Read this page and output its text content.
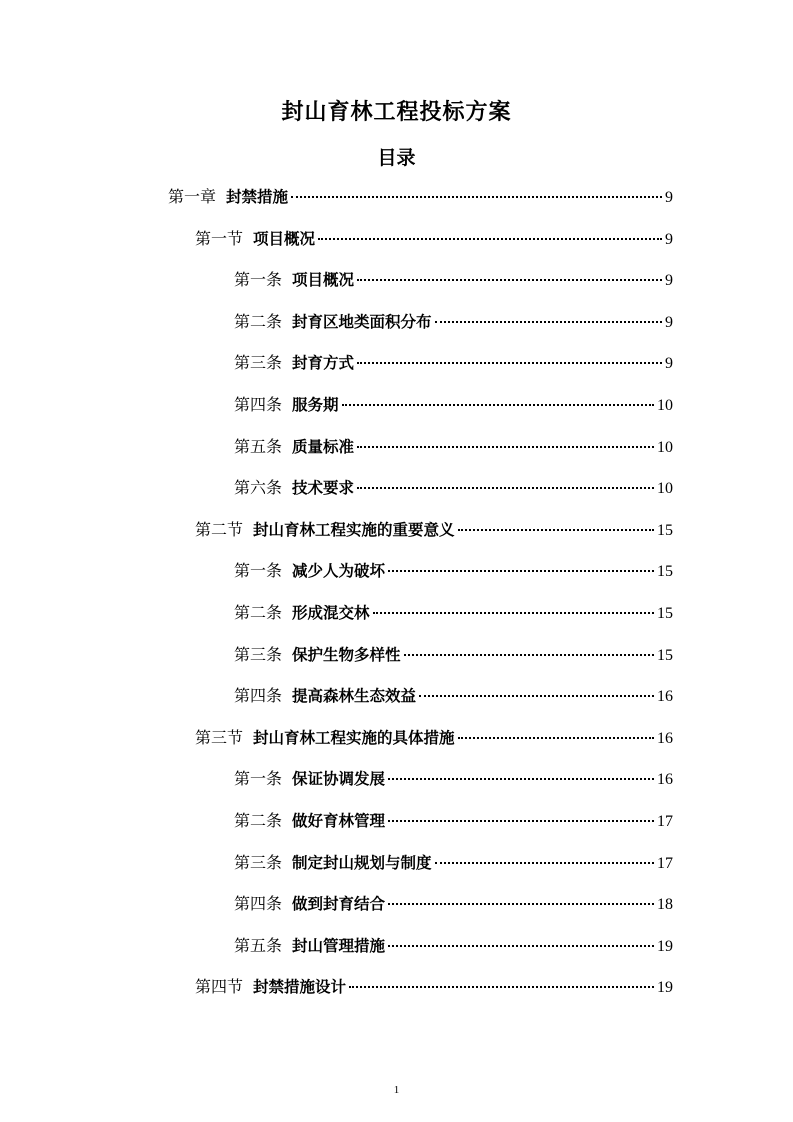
封山育林工程投标方案
目录
第一章 封禁措施	9
第一节 项目概况	9
第一条 项目概况	9
第二条 封育区地类面积分布	9
第三条 封育方式	9
第四条 服务期	10
第五条 质量标准	10
第六条 技术要求	10
第二节 封山育林工程实施的重要意义	15
第一条 减少人为破坏	15
第二条 形成混交林	15
第三条 保护生物多样性	15
第四条 提高森林生态效益	16
第三节 封山育林工程实施的具体措施	16
第一条 保证协调发展	16
第二条 做好育林管理	17
第三条 制定封山规划与制度	17
第四条 做到封育结合	18
第五条 封山管理措施	19
第四节 封禁措施设计	19
1
